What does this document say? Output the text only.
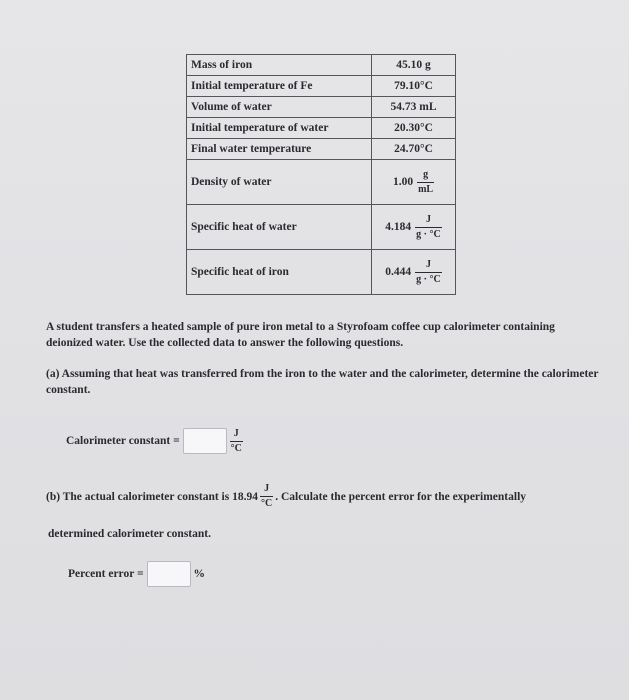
Mass of iron	45.10 g
Initial temperature of Fe	79.10°C
Volume of water	54.73 mL
Initial temperature of water	20.30°C
Final water temperature	24.70°C
Density of water	$1.00 \frac{g}{mL}$

Specific heat of water	$4.184 \frac{J}{g \cdot ^\circ C}$

Specific heat of iron	$0.444 \frac{J}{g \cdot ^\circ C}$

A student transfers a heated sample of pure iron metal to a Styrofoam coffee cup calorimeter containing deionized water. Use the collected data to answer the following questions.

(a) Assuming that heat was transferred from the iron to the water and the calorimeter, determine the calorimeter constant.

Calorimeter constant =	$\frac{J}{^\circ C}$
(b) The actual calorimeter constant is $18.94 \frac{J}{^\circ C}$ . Calculate the percent error for the experimentally

determined calorimeter constant.

Percent error =	%
